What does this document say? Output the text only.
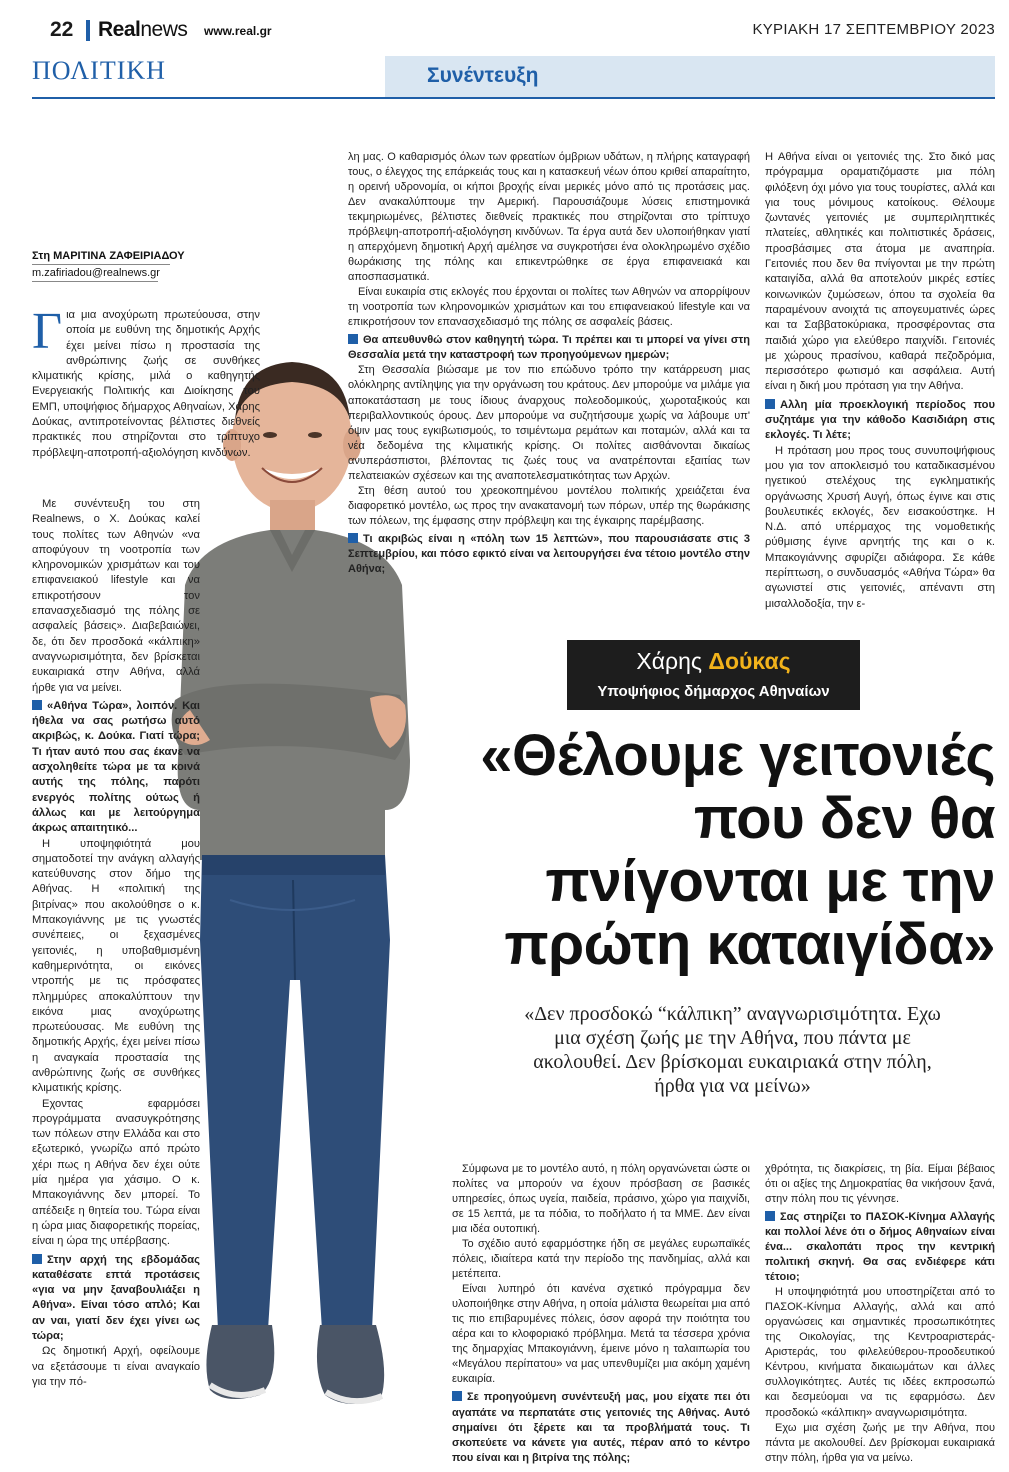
22 Realnews www.real.gr	ΚΥΡΙΑΚΗ 17 ΣΕΠΤΕΜΒΡΙΟΥ 2023
ΠΟΛΙΤΙΚΗ	Συνέντευξη
Στη ΜΑΡΙΤΙΝΑ ΖΑΦΕΙΡΙΑΔΟΥ
m.zafiriadou@realnews.gr

Για μια ανοχύρωτη πρωτεύουσα, στην οποία με ευθύνη της δημοτικής Αρχής έχει μείνει πίσω η προστασία της ανθρώπινης ζωής σε συνθήκες κλιματικής κρίσης, μιλά ο καθηγητής Ενεργειακής Πολιτικής και Διοίκησης του ΕΜΠ, υποψήφιος δήμαρχος Αθηναίων, Χάρης Δούκας, αντιπροτείνοντας βέλτιστες διεθνείς πρακτικές που στηρίζονται στο τρίπτυχο πρόβλεψη-αποτροπή-αξιολόγηση κινδύνων.

Με συνέντευξη του στη Realnews, ο Χ. Δούκας καλεί τους πολίτες των Αθηνών «να αποφύγουν τη νοοτροπία των κληρονομικών χρισμάτων και του επιφανειακού lifestyle και να επικροτήσουν τον επανασχεδιασμό της πόλης σε ασφαλείς βάσεις». Διαβεβαιώνει, δε, ότι δεν προσδοκά «κάλπικη» αναγνωρισιμότητα, δεν βρίσκεται ευκαιριακά στην Αθήνα, αλλά ήρθε για να μείνει.

«Αθήνα Τώρα», λοιπόν. Και ήθελα να σας ρωτήσω αυτό ακριβώς, κ. Δούκα. Γιατί τώρα; Τι ήταν αυτό που σας έκανε να ασχοληθείτε τώρα με τα κοινά αυτής της πόλης, παρότι ενεργός πολίτης ούτως ή άλλως και με λειτούργημα άκρως απαιτητικό...

Η υποψηφιότητά μου σηματοδοτεί την ανάγκη αλλαγής κατεύθυνσης στον δήμο της Αθήνας. Η «πολιτική της βιτρίνας» που ακολούθησε ο κ. Μπακογιάννης με τις γνωστές συνέπειες, οι ξεχασμένες γειτονιές, η υποβαθμισμένη καθημερινότητα, οι εικόνες ντροπής με τις πρόσφατες πλημμύρες αποκαλύπτουν την εικόνα μιας ανοχύρωτης πρωτεύουσας. Με ευθύνη της δημοτικής Αρχής, έχει μείνει πίσω η αναγκαία προστασία της ανθρώπινης ζωής σε συνθήκες κλιματικής κρίσης.

Εχοντας εφαρμόσει προγράμματα ανασυγκρότησης των πόλεων στην Ελλάδα και στο εξωτερικό, γνωρίζω από πρώτο χέρι πως η Αθήνα δεν έχει ούτε μία ημέρα για χάσιμο. Ο κ. Μπακογιάννης δεν μπορεί. Το απέδειξε η θητεία του. Τώρα είναι η ώρα μιας διαφορετικής πορείας, είναι η ώρα της υπέρβασης.

Στην αρχή της εβδομάδας καταθέσατε επτά προτάσεις «για να μην ξαναβουλιάξει η Αθήνα». Είναι τόσο απλό; Και αν ναι, γιατί δεν έχει γίνει ως τώρα;

Ως δημοτική Αρχή, οφείλουμε να εξετάσουμε τι είναι αναγκαίο για την πό-

λη μας. Ο καθαρισμός όλων των φρεατίων όμβριων υδάτων, η πλήρης καταγραφή τους, ο έλεγχος της επάρκειάς τους και η κατασκευή νέων όπου κριθεί απαραίτητο, η ορεινή υδρονομία, οι κήποι βροχής είναι μερικές μόνο από τις προτάσεις μας. Δεν ανακαλύπτουμε την Αμερική. Παρουσιάζουμε λύσεις επιστημονικά τεκμηριωμένες, βέλτιστες διεθνείς πρακτικές που στηρίζονται στο τρίπτυχο πρόβλεψη-αποτροπή-αξιολόγηση κινδύνων. Τα έργα αυτά δεν υλοποιήθηκαν γιατί η απερχόμενη δημοτική Αρχή αμέλησε να συγκροτήσει ένα ολοκληρωμένο σχέδιο θωράκισης της πόλης και επικεντρώθηκε σε έργα επιφανειακά και αποσπασματικά.

Είναι ευκαιρία στις εκλογές που έρχονται οι πολίτες των Αθηνών να απορρίψουν τη νοοτροπία των κληρονομικών χρισμάτων και του επιφανειακού lifestyle και να επικροτήσουν τον επανασχεδιασμό της πόλης σε ασφαλείς βάσεις.

Θα απευθυνθώ στον καθηγητή τώρα. Τι πρέπει και τι μπορεί να γίνει στη Θεσσαλία μετά την καταστροφή των προηγούμενων ημερών;

Στη Θεσσαλία βιώσαμε με τον πιο επώδυνο τρόπο την κατάρρευση μιας ολόκληρης αντίληψης για την οργάνωση του κράτους. Δεν μπορούμε να μιλάμε για αποκατάσταση με τους ίδιους άναρχους πολεοδομικούς, χωροταξικούς και περιβαλλοντικούς όρους. Δεν μπορούμε να συζητήσουμε χωρίς να λάβουμε υπ' όψιν μας τους εγκιβωτισμούς, το τσιμέντωμα ρεμάτων και ποταμών, αλλά και τα νέα δεδομένα της κλιματικής κρίσης. Οι πολίτες αισθάνονται δικαίως ανυπεράσπιστοι, βλέποντας τις ζωές τους να ανατρέπονται εξαιτίας των πελατειακών σχέσεων και της αναποτελεσματικότητας των Αρχών.

Στη θέση αυτού του χρεοκοπημένου μοντέλου πολιτικής χρειάζεται ένα διαφορετικό μοντέλο, ως προς την ανακατανομή των πόρων, υπέρ της θωράκισης των πόλεων, της έμφασης στην πρόβλεψη και της έγκαιρης παρέμβασης.

Τι ακριβώς είναι η «πόλη των 15 λεπτών», που παρουσιάσατε στις 3 Σεπτεμβρίου, και πόσο εφικτό είναι να λειτουργήσει ένα τέτοιο μοντέλο στην Αθήνα;

Η Αθήνα είναι οι γειτονιές της. Στο δικό μας πρόγραμμα οραματιζόμαστε μια πόλη φιλόξενη όχι μόνο για τους τουρίστες, αλλά και για τους μόνιμους κατοίκους. Θέλουμε ζωντανές γειτονιές με συμπεριληπτικές πλατείες, αθλητικές και πολιτιστικές δράσεις, προσβάσιμες στα άτομα με αναπηρία. Γειτονιές που δεν θα πνίγονται με την πρώτη καταιγίδα, αλλά θα αποτελούν μικρές εστίες κοινωνικών ζυμώσεων, όπου τα σχολεία θα παραμένουν ανοιχτά τις απογευματινές ώρες και τα Σαββατοκύριακα, προσφέροντας στα παιδιά χώρο για ελεύθερο παιχνίδι. Γειτονιές με χώρους πρασίνου, καθαρά πεζοδρόμια, περισσότερο φωτισμό και ασφάλεια. Αυτή είναι η δική μου πρόταση για την Αθήνα.

Αλλη μία προεκλογική περίοδος που συζητάμε για την κάθοδο Κασιδιάρη στις εκλογές. Τι λέτε;

Η πρόταση μου προς τους συνυποψήφιους μου για τον αποκλεισμό του καταδικασμένου ηγετικού στελέχους της εγκληματικής οργάνωσης Χρυσή Αυγή, όπως έγινε και στις βουλευτικές εκλογές, δεν εισακούστηκε. Η Ν.Δ. από υπέρμαχος της νομοθετικής ρύθμισης έγινε αρνητής της και ο κ. Μπακογιάννης σφυρίζει αδιάφορα. Σε κάθε περίπτωση, ο συνδυασμός «Αθήνα Τώρα» θα αγωνιστεί στις γειτονιές, απέναντι στη μισαλλοδοξία, την ε-

Χάρης Δούκας
Υποψήφιος δήμαρχος Αθηναίων
«Θέλουμε γειτονιές που δεν θα πνίγονται με την πρώτη καταιγίδα»
«Δεν προσδοκώ “κάλπικη” αναγνωρισιμότητα. Εχω μια σχέση ζωής με την Αθήνα, που πάντα με ακολουθεί. Δεν βρίσκομαι ευκαιριακά στην πόλη, ήρθα για να μείνω»

Σύμφωνα με το μοντέλο αυτό, η πόλη οργανώνεται ώστε οι πολίτες να μπορούν να έχουν πρόσβαση σε βασικές υπηρεσίες, όπως υγεία, παιδεία, πράσινο, χώρο για παιχνίδι, σε 15 λεπτά, με τα πόδια, το ποδήλατο ή τα ΜΜΕ. Δεν είναι μια ιδέα ουτοπική.

Το σχέδιο αυτό εφαρμόστηκε ήδη σε μεγάλες ευρωπαϊκές πόλεις, ιδιαίτερα κατά την περίοδο της πανδημίας, αλλά και μετέπειτα.

Είναι λυπηρό ότι κανένα σχετικό πρόγραμμα δεν υλοποιήθηκε στην Αθήνα, η οποία μάλιστα θεωρείται μια από τις πιο επιβαρυμένες πόλεις, όσον αφορά την ποιότητα του αέρα και το κλοφοριακό πρόβλημα. Μετά τα τέσσερα χρόνια της δημαρχίας Μπακογιάννη, έμεινε μόνο η ταλαιπωρία του «Μεγάλου περίπατου» να μας υπενθυμίζει μια ακόμη χαμένη ευκαιρία.

Σε προηγούμενη συνέντευξή μας, μου είχατε πει ότι αγαπάτε να περπατάτε στις γειτονιές της Αθήνας. Αυτό σημαίνει ότι ξέρετε και τα προβλήματά τους. Τι σκοπεύετε να κάνετε για αυτές, πέραν από το κέντρο που είναι και η βιτρίνα της πόλης;

χθρότητα, τις διακρίσεις, τη βία. Είμαι βέβαιος ότι οι αξίες της Δημοκρατίας θα νικήσουν ξανά, στην πόλη που τις γέννησε.

Σας στηρίζει το ΠΑΣΟΚ-Κίνημα Αλλαγής και πολλοί λένε ότι ο δήμος Αθηναίων είναι ένα... σκαλοπάτι προς την κεντρική πολιτική σκηνή. Θα σας ενδιέφερε κάτι τέτοιο;

Η υποψηφιότητά μου υποστηρίζεται από το ΠΑΣΟΚ-Κίνημα Αλλαγής, αλλά και από οργανώσεις και σημαντικές προσωπικότητες της Οικολογίας, της Κεντροαριστεράς-Αριστεράς, του φιλελεύθερου-προοδευτικού Κέντρου, κινήματα δικαιωμάτων και άλλες συλλογικότητες. Αυτές τις ιδέες εκπροσωπώ και δεσμεύομαι να τις εφαρμόσω. Δεν προσδοκώ «κάλπικη» αναγνωρισιμότητα.

Εχω μια σχέση ζωής με την Αθήνα, που πάντα με ακολουθεί. Δεν βρίσκομαι ευκαιριακά στην πόλη, ήρθα για να μείνω.
